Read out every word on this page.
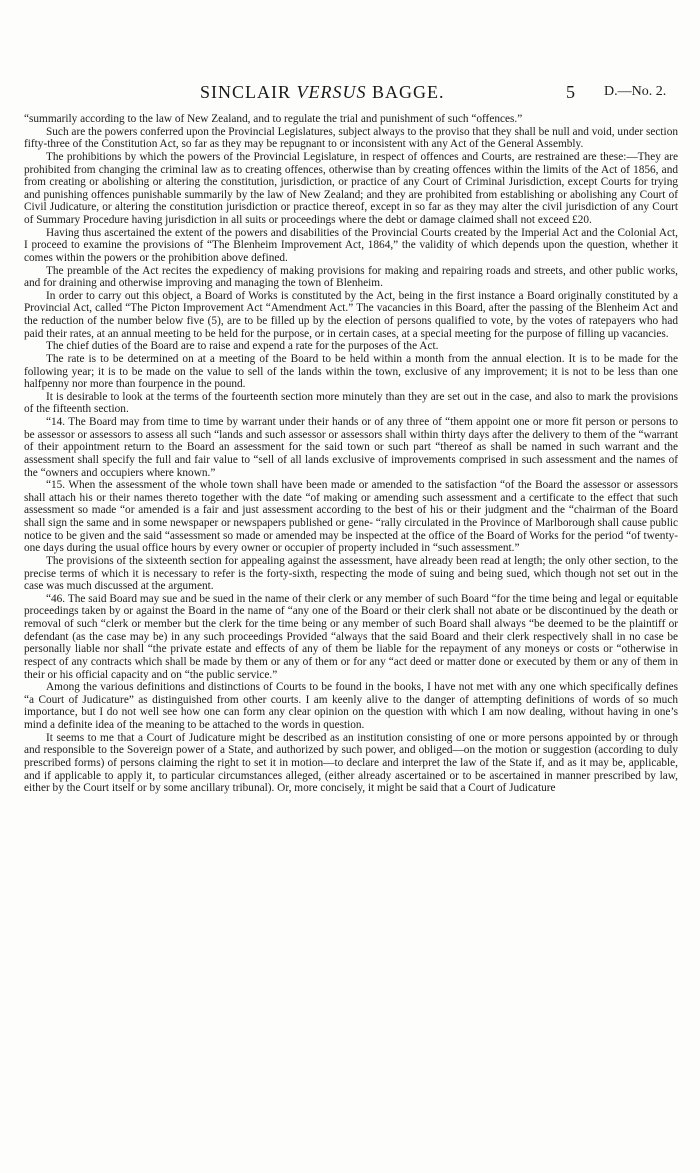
SINCLAIR VERSUS BAGGE.	5 D.—No. 2.

“summarily according to the law of New Zealand, and to regulate the trial and punishment of such “offences.”

Such are the powers conferred upon the Provincial Legislatures, subject always to the proviso that they shall be null and void, under section fifty-three of the Constitution Act, so far as they may be repugnant to or inconsistent with any Act of the General Assembly.

The prohibitions by which the powers of the Provincial Legislature, in respect of offences and Courts, are restrained are these:—They are prohibited from changing the criminal law as to creating offences, otherwise than by creating offences within the limits of the Act of 1856, and from creating or abolishing or altering the constitution, jurisdiction, or practice of any Court of Criminal Jurisdiction, except Courts for trying and punishing offences punishable summarily by the law of New Zealand; and they are prohibited from establishing or abolishing any Court of Civil Judicature, or altering the constitution jurisdiction or practice thereof, except in so far as they may alter the civil jurisdiction of any Court of Summary Procedure having jurisdiction in all suits or proceedings where the debt or damage claimed shall not exceed £20.

Having thus ascertained the extent of the powers and disabilities of the Provincial Courts created by the Imperial Act and the Colonial Act, I proceed to examine the provisions of “The Blenheim Improvement Act, 1864,” the validity of which depends upon the question, whether it comes within the powers or the prohibition above defined.

The preamble of the Act recites the expediency of making provisions for making and repairing roads and streets, and other public works, and for draining and otherwise improving and managing the town of Blenheim.

In order to carry out this object, a Board of Works is constituted by the Act, being in the first instance a Board originally constituted by a Provincial Act, called “The Picton Improvement Act “Amendment Act.” The vacancies in this Board, after the passing of the Blenheim Act and the reduction of the number below five (5), are to be filled up by the election of persons qualified to vote, by the votes of ratepayers who had paid their rates, at an annual meeting to be held for the purpose, or in certain cases, at a special meeting for the purpose of filling up vacancies.

The chief duties of the Board are to raise and expend a rate for the purposes of the Act.

The rate is to be determined on at a meeting of the Board to be held within a month from the annual election. It is to be made for the following year; it is to be made on the value to sell of the lands within the town, exclusive of any improvement; it is not to be less than one halfpenny nor more than fourpence in the pound.

It is desirable to look at the terms of the fourteenth section more minutely than they are set out in the case, and also to mark the provisions of the fifteenth section.

“14. The Board may from time to time by warrant under their hands or of any three of “them appoint one or more fit person or persons to be assessor or assessors to assess all such “lands and such assessor or assessors shall within thirty days after the delivery to them of the “warrant of their appointment return to the Board an assessment for the said town or such part “thereof as shall be named in such warrant and the assessment shall specify the full and fair value to “sell of all lands exclusive of improvements comprised in such assessment and the names of the “owners and occupiers where known.”

“15. When the assessment of the whole town shall have been made or amended to the satisfaction “of the Board the assessor or assessors shall attach his or their names thereto together with the date “of making or amending such assessment and a certificate to the effect that such assessment so made “or amended is a fair and just assessment according to the best of his or their judgment and the “chairman of the Board shall sign the same and in some newspaper or newspapers published or gene- “rally circulated in the Province of Marlborough shall cause public notice to be given and the said “assessment so made or amended may be inspected at the office of the Board of Works for the period “of twenty-one days during the usual office hours by every owner or occupier of property included in “such assessment.”

The provisions of the sixteenth section for appealing against the assessment, have already been read at length; the only other section, to the precise terms of which it is necessary to refer is the forty-sixth, respecting the mode of suing and being sued, which though not set out in the case was much discussed at the argument.

“46. The said Board may sue and be sued in the name of their clerk or any member of such Board “for the time being and legal or equitable proceedings taken by or against the Board in the name of “any one of the Board or their clerk shall not abate or be discontinued by the death or removal of such “clerk or member but the clerk for the time being or any member of such Board shall always “be deemed to be the plaintiff or defendant (as the case may be) in any such proceedings Provided “always that the said Board and their clerk respectively shall in no case be personally liable nor shall “the private estate and effects of any of them be liable for the repayment of any moneys or costs or “otherwise in respect of any contracts which shall be made by them or any of them or for any “act deed or matter done or executed by them or any of them in their or his official capacity and on “the public service.”

Among the various definitions and distinctions of Courts to be found in the books, I have not met with any one which specifically defines “a Court of Judicature” as distinguished from other courts. I am keenly alive to the danger of attempting definitions of words of so much importance, but I do not well see how one can form any clear opinion on the question with which I am now dealing, without having in one’s mind a definite idea of the meaning to be attached to the words in question.

It seems to me that a Court of Judicature might be described as an institution consisting of one or more persons appointed by or through and responsible to the Sovereign power of a State, and authorized by such power, and obliged—on the motion or suggestion (according to duly prescribed forms) of persons claiming the right to set it in motion—to declare and interpret the law of the State if, and as it may be, applicable, and if applicable to apply it, to particular circumstances alleged, (either already ascertained or to be ascertained in manner prescribed by law, either by the Court itself or by some ancillary tribunal). Or, more concisely, it might be said that a Court of Judicature
